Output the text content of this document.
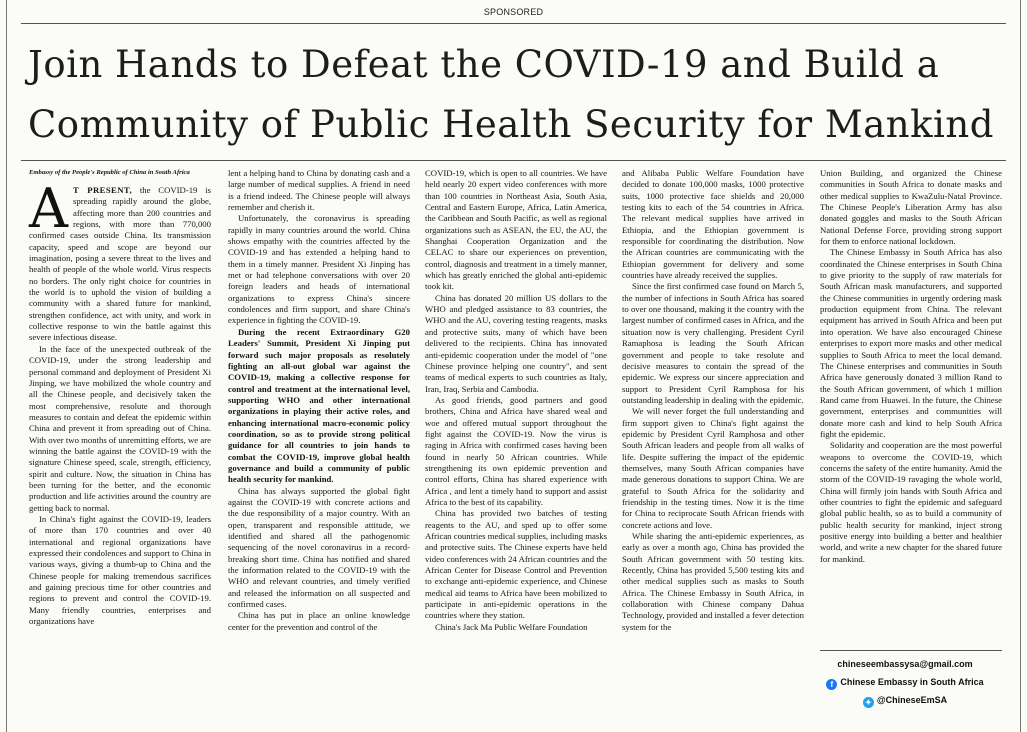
SPONSORED
Join Hands to Defeat the COVID-19 and Build a
Community of Public Health Security for Mankind

Embassy of the People's Republic of China in South Africa

A T PRESENT, the COVID-19 is spreading rapidly around the globe, affecting more than 200 countries and regions, with more than 770,000 confirmed cases outside China. Its transmission capacity, speed and scope are beyond our imagination, posing a severe threat to the lives and health of people of the whole world. Virus respects no borders. The only right choice for countries in the world is to uphold the vision of building a community with a shared future for mankind, strengthen confidence, act with unity, and work in collective response to win the battle against this severe infectious disease.

In the face of the unexpected outbreak of the COVID-19, under the strong leadership and personal command and deployment of President Xi Jinping, we have mobilized the whole country and all the Chinese people, and decisively taken the most comprehensive, resolute and thorough measures to contain and defeat the epidemic within China and prevent it from spreading out of China. With over two months of unremitting efforts, we are winning the battle against the COVID-19 with the signature Chinese speed, scale, strength, efficiency, spirit and culture. Now, the situation in China has been turning for the better, and the economic production and life activities around the country are getting back to normal.

In China's fight against the COVID-19, leaders of more than 170 countries and over 40 international and regional organizations have expressed their condolences and support to China in various ways, giving a thumb-up to China and the Chinese people for making tremendous sacrifices and gaining precious time for other countries and regions to prevent and control the COVID-19. Many friendly countries, enterprises and organizations have

lent a helping hand to China by donating cash and a large number of medical supplies. A friend in need is a friend indeed. The Chinese people will always remember and cherish it.

Unfortunately, the coronavirus is spreading rapidly in many countries around the world. China shows empathy with the countries affected by the COVID-19 and has extended a helping hand to them in a timely manner. President Xi Jinping has met or had telephone conversations with over 20 foreign leaders and heads of international organizations to express China's sincere condolences and firm support, and share China's experience in fighting the COVID-19.

During the recent Extraordinary G20 Leaders' Summit, President Xi Jinping put forward such major proposals as resolutely fighting an all-out global war against the COVID-19, making a collective response for control and treatment at the international level, supporting WHO and other international organizations in playing their active roles, and enhancing international macro-economic policy coordination, so as to provide strong political guidance for all countries to join hands to combat the COVID-19, improve global health governance and build a community of public health security for mankind.

China has always supported the global fight against the COVID-19 with concrete actions and the due responsibility of a major country. With an open, transparent and responsible attitude, we identified and shared all the pathogenomic sequencing of the novel coronavirus in a record-breaking short time. China has notified and shared the information related to the COVID-19 with the WHO and relevant countries, and timely verified and released the information on all suspected and confirmed cases.

China has put in place an online knowledge center for the prevention and control of the

COVID-19, which is open to all countries. We have held nearly 20 expert video conferences with more than 100 countries in Northeast Asia, South Asia, Central and Eastern Europe, Africa, Latin America, the Caribbean and South Pacific, as well as regional organizations such as ASEAN, the EU, the AU, the Shanghai Cooperation Organization and the CELAC to share our experiences on prevention, control, diagnosis and treatment in a timely manner, which has greatly enriched the global anti-epidemic took kit.

China has donated 20 million US dollars to the WHO and pledged assistance to 83 countries, the WHO and the AU, covering testing reagents, masks and protective suits, many of which have been delivered to the recipients. China has innovated anti-epidemic cooperation under the model of "one Chinese province helping one country", and sent teams of medical experts to such countries as Italy, Iran, Iraq, Serbia and Cambodia.

As good friends, good partners and good brothers, China and Africa have shared weal and woe and offered mutual support throughout the fight against the COVID-19. Now the virus is raging in Africa with confirmed cases having been found in nearly 50 African countries. While strengthening its own epidemic prevention and control efforts, China has shared experience with Africa , and lent a timely hand to support and assist Africa to the best of its capability.

China has provided two batches of testing reagents to the AU, and sped up to offer some African countries medical supplies, including masks and protective suits. The Chinese experts have held video conferences with 24 African countries and the African Center for Disease Control and Prevention to exchange anti-epidemic experience, and Chinese medical aid teams to Africa have been mobilized to participate in anti-epidemic operations in the countries where they station.

China's Jack Ma Public Welfare Foundation

and Alibaba Public Welfare Foundation have decided to donate 100,000 masks, 1000 protective suits, 1000 protective face shields and 20,000 testing kits to each of the 54 countries in Africa. The relevant medical supplies have arrived in Ethiopia, and the Ethiopian government is responsible for coordinating the distribution. Now the African countries are communicating with the Ethiopian government for delivery and some countries have already received the supplies.

Since the first confirmed case found on March 5, the number of infections in South Africa has soared to over one thousand, making it the country with the largest number of confirmed cases in Africa, and the situation now is very challenging. President Cyril Ramaphosa is leading the South African government and people to take resolute and decisive measures to contain the spread of the epidemic. We express our sincere appreciation and support to President Cyril Ramphosa for his outstanding leadership in dealing with the epidemic.

We will never forget the full understanding and firm support given to China's fight against the epidemic by President Cyril Ramphosa and other South African leaders and people from all walks of life. Despite suffering the impact of the epidemic themselves, many South African companies have made generous donations to support China. We are grateful to South Africa for the solidarity and friendship in the testing times. Now it is the time for China to reciprocate South African friends with concrete actions and love.

While sharing the anti-epidemic experiences, as early as over a month ago, China has provided the South African government with 50 testing kits. Recently, China has provided 5,500 testing kits and other medical supplies such as masks to South Africa. The Chinese Embassy in South Africa, in collaboration with Chinese company Dahua Technology, provided and installed a fever detection system for the

Union Building, and organized the Chinese communities in South Africa to donate masks and other medical supplies to KwaZulu-Natal Province. The Chinese People's Liberation Army has also donated goggles and masks to the South African National Defense Force, providing strong support for them to enforce national lockdown.

The Chinese Embassy in South Africa has also coordinated the Chinese enterprises in South China to give priority to the supply of raw materials for South African mask manufacturers, and supported the Chinese communities in urgently ordering mask production equipment from China. The relevant equipment has arrived in South Africa and been put into operation. We have also encouraged Chinese enterprises to export more masks and other medical supplies to South Africa to meet the local demand. The Chinese enterprises and communities in South Africa have generously donated 3 million Rand to the South African government, of which 1 million Rand came from Huawei. In the future, the Chinese government, enterprises and communities will donate more cash and kind to help South Africa fight the epidemic.

Solidarity and cooperation are the most powerful weapons to overcome the COVID-19, which concerns the safety of the entire humanity. Amid the storm of the COVID-19 ravaging the whole world, China will firmly join hands with South Africa and other countries to fight the epidemic and safeguard global public health, so as to build a community of public health security for mankind, inject strong positive energy into building a better and healthier world, and write a new chapter for the shared future for mankind.

chineseembassysa@gmail.com
f Chinese Embassy in South Africa
✦ @ChineseEmSA
